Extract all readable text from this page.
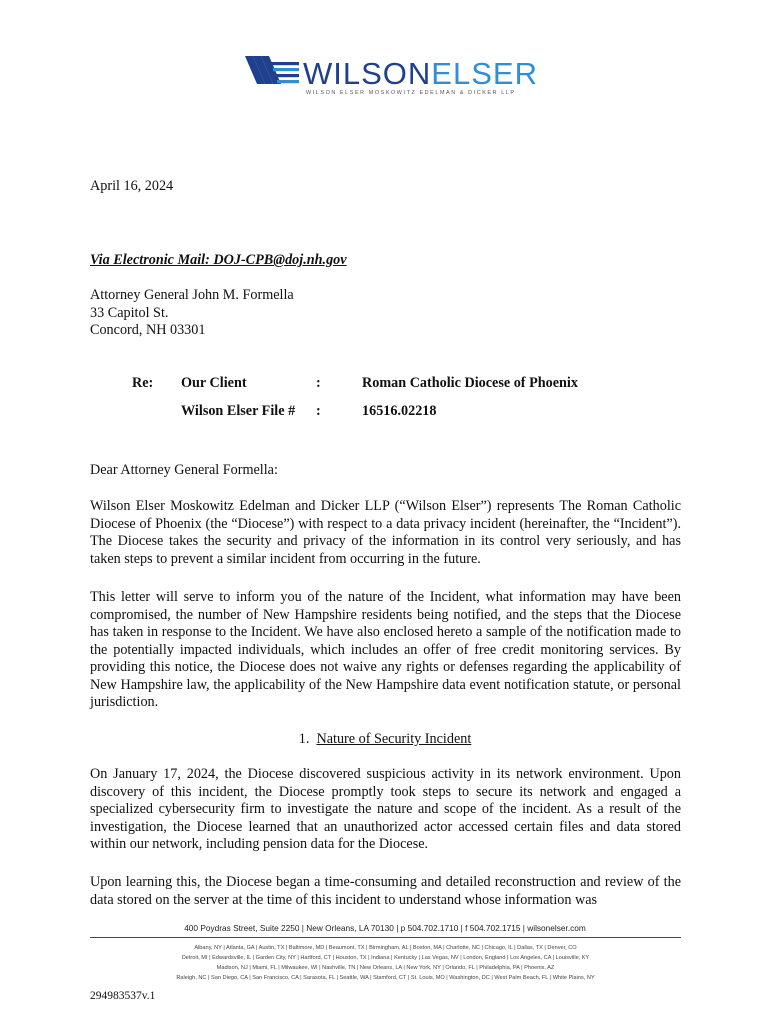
WILSONELSER
WILSON ELSER MOSKOWITZ EDELMAN & DICKER LLP
April 16, 2024
Via Electronic Mail: DOJ-CPB@doj.nh.gov
Attorney General John M. Formella
33 Capitol St.
Concord, NH 03301
Re: Our Client	:	Roman Catholic Diocese of Phoenix
Wilson Elser File # :	16516.02218
Dear Attorney General Formella:
Wilson Elser Moskowitz Edelman and Dicker LLP (“Wilson Elser”) represents The Roman Catholic Diocese of Phoenix (the “Diocese”) with respect to a data privacy incident (hereinafter, the “Incident”). The Diocese takes the security and privacy of the information in its control very seriously, and has taken steps to prevent a similar incident from occurring in the future.
This letter will serve to inform you of the nature of the Incident, what information may have been compromised, the number of New Hampshire residents being notified, and the steps that the Diocese has taken in response to the Incident. We have also enclosed hereto a sample of the notification made to the potentially impacted individuals, which includes an offer of free credit monitoring services. By providing this notice, the Diocese does not waive any rights or defenses regarding the applicability of New Hampshire law, the applicability of the New Hampshire data event notification statute, or personal jurisdiction.
1. Nature of Security Incident
On January 17, 2024, the Diocese discovered suspicious activity in its network environment. Upon discovery of this incident, the Diocese promptly took steps to secure its network and engaged a specialized cybersecurity firm to investigate the nature and scope of the incident. As a result of the investigation, the Diocese learned that an unauthorized actor accessed certain files and data stored within our network, including pension data for the Diocese.
Upon learning this, the Diocese began a time-consuming and detailed reconstruction and review of the data stored on the server at the time of this incident to understand whose information was
400 Poydras Street, Suite 2250 | New Orleans, LA 70130 | p 504.702.1710 | f 504.702.1715 | wilsonelser.com
Albany, NY | Atlanta, GA | Austin, TX | Baltimore, MD | Beaumont, TX | Birmingham, AL | Boston, MA | Charlotte, NC | Chicago, IL | Dallas, TX | Denver, CO
Detroit, MI | Edwardsville, IL | Garden City, NY | Hartford, CT | Houston, TX | Indiana | Kentucky | Las Vegas, NV | London, England | Los Angeles, CA | Louisville, KY
Madison, NJ | Miami, FL | Milwaukee, WI | Nashville, TN | New Orleans, LA | New York, NY | Orlando, FL | Philadelphia, PA | Phoenix, AZ
Raleigh, NC | San Diego, CA | San Francisco, CA | Sarasota, FL | Seattle, WA | Stamford, CT | St. Louis, MO | Washington, DC | West Palm Beach, FL | White Plains, NY
294983537v.1
